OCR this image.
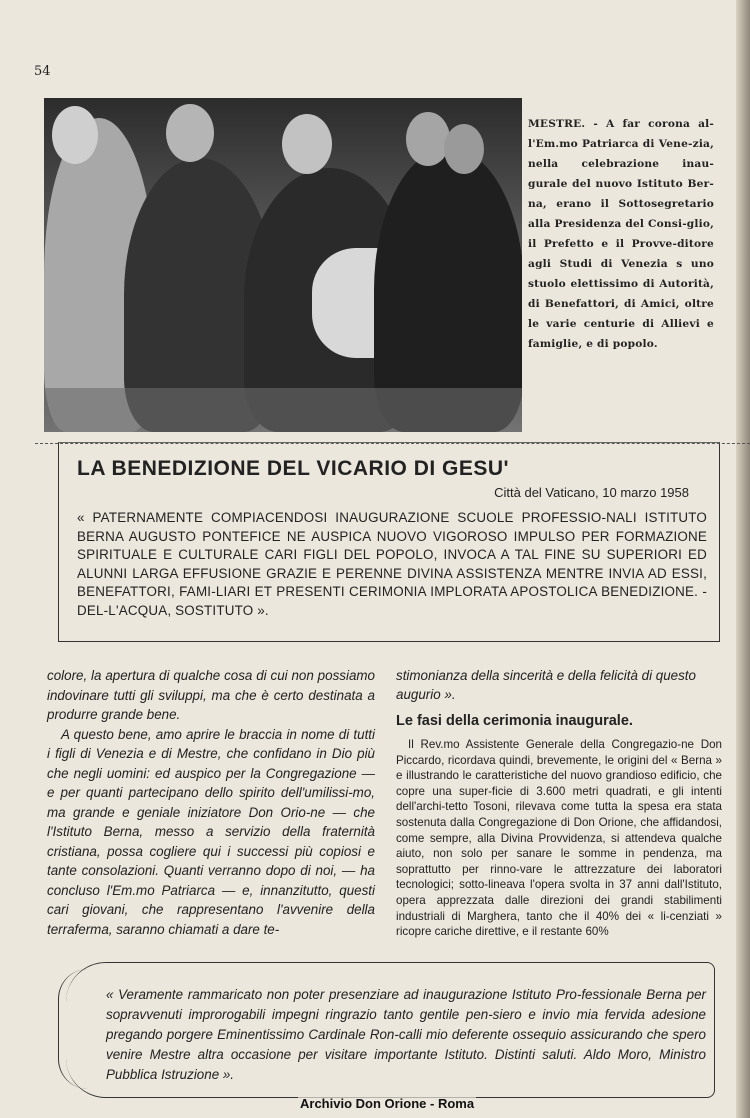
54
MESTRE. - A far corona al-l'Em.mo Patriarca di Vene-zia, nella celebrazione inau-gurale del nuovo Istituto Ber-na, erano il Sottosegretario alla Presidenza del Consi-glio, il Prefetto e il Provve-ditore agli Studi di Venezia s uno stuolo elettissimo di Autorità, di Benefattori, di Amici, oltre le varie centurie di Allievi e famiglie, e di popolo.
LA BENEDIZIONE DEL VICARIO DI GESU'
Città del Vaticano, 10 marzo 1958
« PATERNAMENTE COMPIACENDOSI INAUGURAZIONE SCUOLE PROFESSIO-NALI ISTITUTO BERNA AUGUSTO PONTEFICE NE AUSPICA NUOVO VIGOROSO IMPULSO PER FORMAZIONE SPIRITUALE E CULTURALE CARI FIGLI DEL POPOLO, INVOCA A TAL FINE SU SUPERIORI ED ALUNNI LARGA EFFUSIONE GRAZIE E PERENNE DIVINA ASSISTENZA MENTRE INVIA AD ESSI, BENEFATTORI, FAMI-LIARI ET PRESENTI CERIMONIA IMPLORATA APOSTOLICA BENEDIZIONE. - DEL-L'ACQUA, SOSTITUTO ».

colore, la apertura di qualche cosa di cui non possiamo indovinare tutti gli sviluppi, ma che è certo destinata a produrre grande bene.

A questo bene, amo aprire le braccia in nome di tutti i figli di Venezia e di Mestre, che confidano in Dio più che negli uomini: ed auspico per la Congregazione — e per quanti partecipano dello spirito dell'umilissi-mo, ma grande e geniale iniziatore Don Orio-ne — che l'Istituto Berna, messo a servizio della fraternità cristiana, possa cogliere qui i successi più copiosi e tante consolazioni. Quanti verranno dopo di noi, — ha concluso l'Em.mo Patriarca — e, innanzitutto, questi cari giovani, che rappresentano l'avvenire della terraferma, saranno chiamati a dare te-

stimonianza della sincerità e della felicità di questo augurio ».

Le fasi della cerimonia inaugurale.

Il Rev.mo Assistente Generale della Congregazio-ne Don Piccardo, ricordava quindi, brevemente, le origini del « Berna » e illustrando le caratteristiche del nuovo grandioso edificio, che copre una super-ficie di 3.600 metri quadrati, e gli intenti dell'archi-tetto Tosoni, rilevava come tutta la spesa era stata sostenuta dalla Congregazione di Don Orione, che affidandosi, come sempre, alla Divina Provvidenza, si attendeva qualche aiuto, non solo per sanare le somme in pendenza, ma soprattutto per rinno-vare le attrezzature dei laboratori tecnologici; sotto-lineava l'opera svolta in 37 anni dall'Istituto, opera apprezzata dalle direzioni dei grandi stabilimenti industriali di Marghera, tanto che il 40% dei « li-cenziati » ricopre cariche direttive, e il restante 60%

« Veramente rammaricato non poter presenziare ad inaugurazione Istituto Pro-fessionale Berna per sopravvenuti improrogabili impegni ringrazio tanto gentile pen-siero e invio mia fervida adesione pregando porgere Eminentissimo Cardinale Ron-calli mio deferente ossequio assicurando che spero venire Mestre altra occasione per visitare importante Istituto. Distinti saluti. Aldo Moro, Ministro Pubblica Istruzione ».
Archivio Don Orione - Roma
